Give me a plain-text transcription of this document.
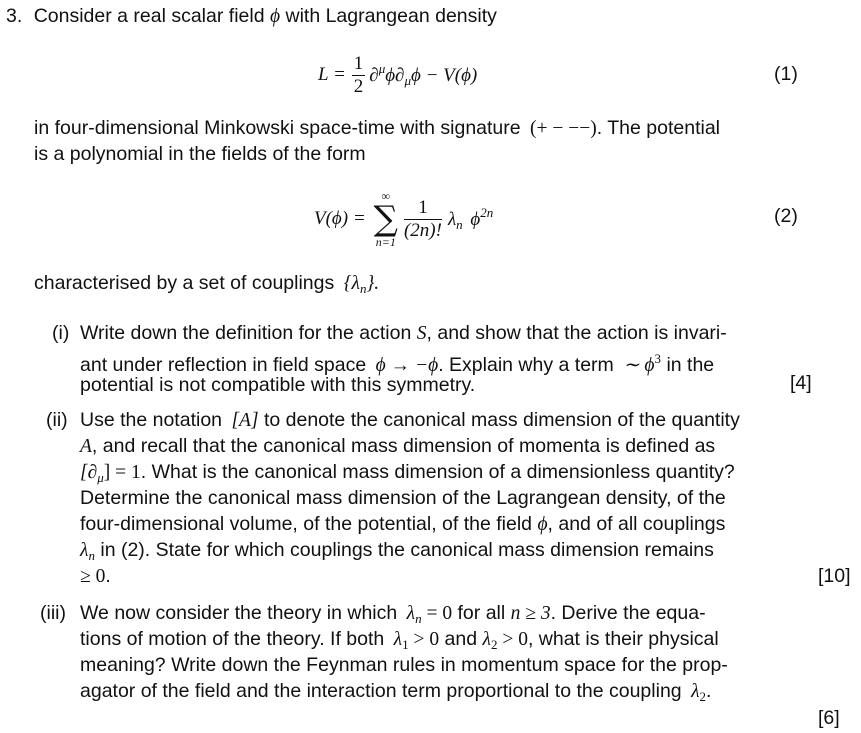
3. Consider a real scalar field ϕ with Lagrangean density
$L = \frac{1}{2} \partial^\mu\phi\partial_\mu\phi - V(\phi)$	(1)
in four-dimensional Minkowski space-time with signature (+ − −−). The potential
is a polynomial in the fields of the form
V(ϕ) =
∞
∑
n=1
$\frac{1}{(2n)!} \lambda_n$ $\phi^{2n}$	(2)
characterised by a set of couplings $\{\lambda_n\}$.
(i) Write down the definition for the action S, and show that the action is invari-
ant under reflection in field space ϕ → −ϕ. Explain why a term ∼ $\phi^3$ in the
potential is not compatible with this symmetry.	[4]
(ii) Use the notation [A] to denote the canonical mass dimension of the quantity
A, and recall that the canonical mass dimension of momenta is defined as
$[\partial_\mu] = 1$. What is the canonical mass dimension of a dimensionless quantity?
Determine the canonical mass dimension of the Lagrangean density, of the
four-dimensional volume, of the potential, of the field ϕ, and of all couplings
$\lambda_n$ in (2). State for which couplings the canonical mass dimension remains
≥ 0.	[10]
(iii) We now consider the theory in which $\lambda_n = 0$ for all n ≥ 3. Derive the equa-
tions of motion of the theory. If both $\lambda_1 > 0$ and $\lambda_2 > 0$, what is their physical
meaning? Write down the Feynman rules in momentum space for the prop-
agator of the field and the interaction term proportional to the coupling $\lambda_2$.
[6]
